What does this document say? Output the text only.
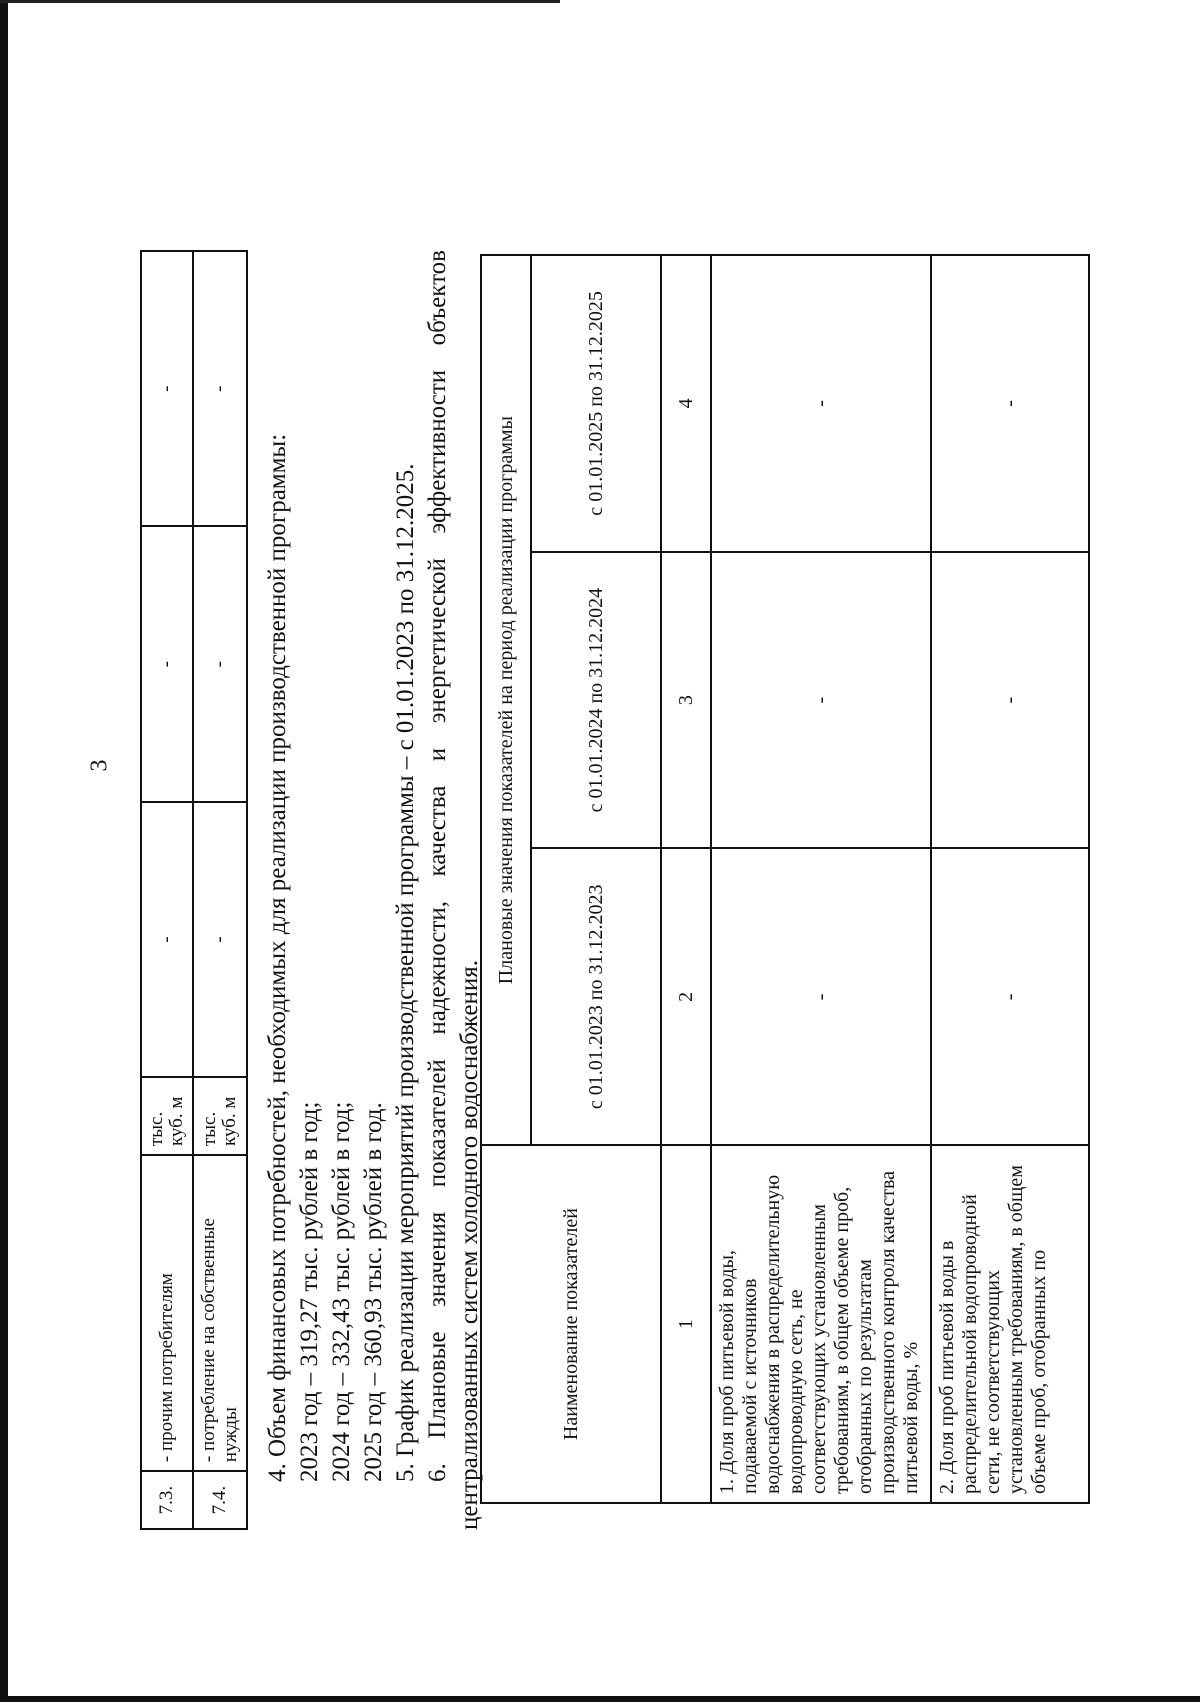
3
7.3.	- прочим потребителям	тыс. куб. м	-	-	-
7.4.	- потребление на собственные нужды	тыс. куб. м	-	-	-

4. Объем финансовых потребностей, необходимых для реализации производственной программы: 2023 год – 319,27 тыс. рублей в год; 2024 год – 332,43 тыс. рублей в год; 2025 год – 360,93 тыс. рублей в год. 5. График реализации мероприятий производственной программы – с 01.01.2023 по 31.12.2025. 6. Плановые значения показателей надежности, качества и энергетической эффективности объектов централизованных систем холодного водоснабжения.	Наименование показателей	Плановые значения показателей на период реализации программы		
	с 01.01.2023 по 31.12.2023	с 01.01.2024 по 31.12.2024	с 01.01.2025 по 31.12.2025
1	2	3	4
1. Доля проб питьевой воды, подаваемой с источников водоснабжения в распределительную водопроводную сеть, не соответствующих установленным требованиям, в общем объеме проб, отобранных по результатам производственного контроля качества питьевой воды, %	-	-	-
2. Доля проб питьевой воды в распределительной водопроводной сети, не соответствующих установленным требованиям, в общем объеме проб, отобранных по	-	-	-
